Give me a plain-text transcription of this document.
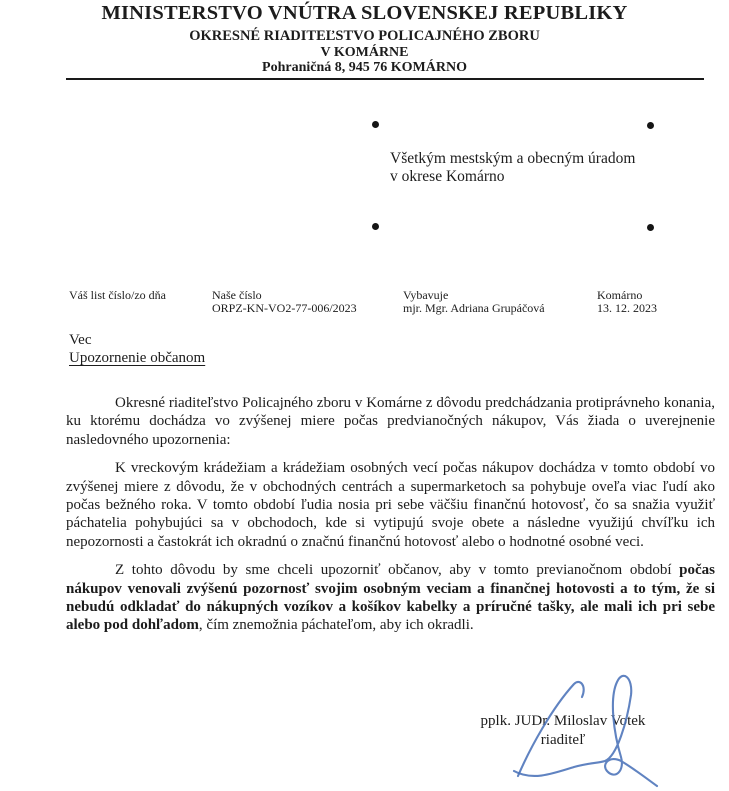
MINISTERSTVO VNÚTRA SLOVENSKEJ REPUBLIKY
OKRESNÉ RIADITEĽSTVO POLICAJNÉHO ZBORU
V KOMÁRNE
Pohraničná 8, 945 76 KOMÁRNO
Všetkým mestským a obecným úradom
v okrese Komárno
Váš list číslo/zo dňa	Naše číslo
ORPZ-KN-VO2-77-006/2023
Vybavuje
mjr. Mgr. Adriana Grupáčová
Komárno
13. 12. 2023
Vec
Upozornenie občanom

Okresné riaditeľstvo Policajného zboru v Komárne z dôvodu predchádzania protiprávneho konania, ku ktorému dochádza vo zvýšenej miere počas predvianočných nákupov, Vás žiada o uverejnenie nasledovného upozornenia:

K vreckovým krádežiam a krádežiam osobných vecí počas nákupov dochádza v tomto období vo zvýšenej miere z dôvodu, že v obchodných centrách a supermarketoch sa pohybuje oveľa viac ľudí ako počas bežného roka. V tomto období ľudia nosia pri sebe väčšiu finančnú hotovosť, čo sa snažia využiť páchatelia pohybujúci sa v obchodoch, kde si vytipujú svoje obete a následne využijú chvíľku ich nepozornosti a častokrát ich okradnú o značnú finančnú hotovosť alebo o hodnotné osobné veci.

Z tohto dôvodu by sme chceli upozorniť občanov, aby v tomto previanočnom období počas nákupov venovali zvýšenú pozornosť svojim osobným veciam a finančnej hotovosti a to tým, že si nebudú odkladať do nákupných vozíkov a košíkov kabelky a príručné tašky, ale mali ich pri sebe alebo pod dohľadom, čím znemožnia páchateľom, aby ich okradli.

pplk. JUDr. Miloslav Votek
riaditeľ
